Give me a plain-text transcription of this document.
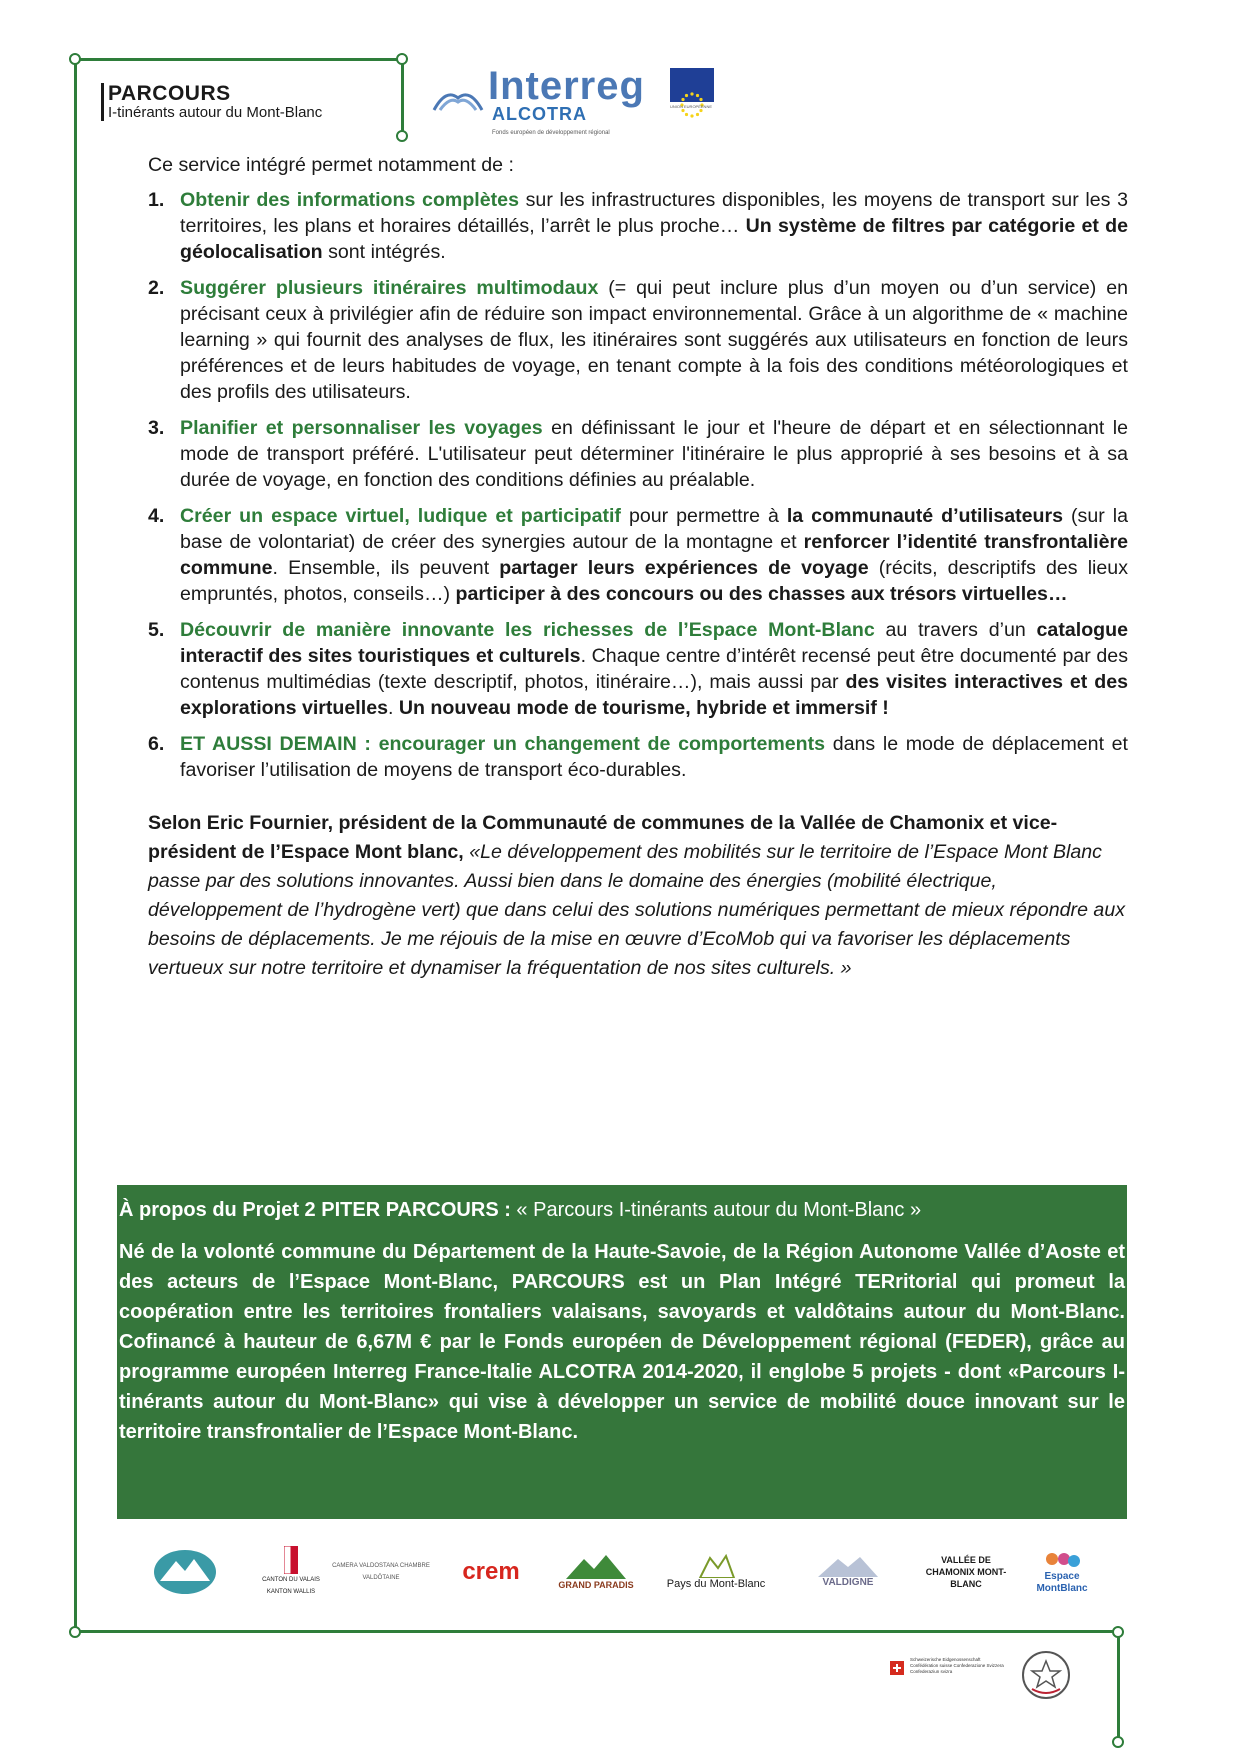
PARCOURS
I-tinérants autour du Mont-Blanc
Interreg
ALCOTRA
Fonds européen de développement régional
UNION EUROPÉENNE
Ce service intégré permet notamment de :
1. Obtenir des informations complètes sur les infrastructures disponibles, les moyens de transport sur les 3 territoires, les plans et horaires détaillés, l’arrêt le plus proche… Un système de filtres par catégorie et de géolocalisation sont intégrés.
2. Suggérer plusieurs itinéraires multimodaux (= qui peut inclure plus d’un moyen ou d’un service) en précisant ceux à privilégier afin de réduire son impact environnemental. Grâce à un algorithme de « machine learning » qui fournit des analyses de flux, les itinéraires sont suggérés aux utilisateurs en fonction de leurs préférences et de leurs habitudes de voyage, en tenant compte à la fois des conditions météorologiques et des profils des utilisateurs.
3. Planifier et personnaliser les voyages en définissant le jour et l'heure de départ et en sélectionnant le mode de transport préféré. L'utilisateur peut déterminer l'itinéraire le plus approprié à ses besoins et à sa durée de voyage, en fonction des conditions définies au préalable.
4. Créer un espace virtuel, ludique et participatif pour permettre à la communauté d’utilisateurs (sur la base de volontariat) de créer des synergies autour de la montagne et renforcer l’identité transfrontalière commune. Ensemble, ils peuvent partager leurs expériences de voyage (récits, descriptifs des lieux empruntés, photos, conseils…) participer à des concours ou des chasses aux trésors virtuelles…
5. Découvrir de manière innovante les richesses de l’Espace Mont-Blanc au travers d’un catalogue interactif des sites touristiques et culturels. Chaque centre d’intérêt recensé peut être documenté par des contenus multimédias (texte descriptif, photos, itinéraire…), mais aussi par des visites interactives et des explorations virtuelles. Un nouveau mode de tourisme, hybride et immersif !
6. ET AUSSI DEMAIN : encourager un changement de comportements dans le mode de déplacement et favoriser l’utilisation de moyens de transport éco-durables.
Selon Eric Fournier, président de la Communauté de communes de la Vallée de Chamonix et vice-président de l’Espace Mont blanc, «Le développement des mobilités sur le territoire de l’Espace Mont Blanc passe par des solutions innovantes. Aussi bien dans le domaine des énergies (mobilité électrique, développement de l’hydrogène vert) que dans celui des solutions numériques permettant de mieux répondre aux besoins de déplacements. Je me réjouis de la mise en œuvre d’EcoMob qui va favoriser les déplacements vertueux sur notre territoire et dynamiser la fréquentation de nos sites culturels. »
À propos du Projet 2 PITER PARCOURS : « Parcours I-tinérants autour du Mont-Blanc »
Né de la volonté commune du Département de la Haute-Savoie, de la Région Autonome Vallée d’Aoste et des acteurs de l’Espace Mont-Blanc, PARCOURS est un Plan Intégré TERritorial qui promeut la coopération entre les territoires frontaliers valaisans, savoyards et valdôtains autour du Mont-Blanc. Cofinancé à hauteur de 6,67M € par le Fonds européen de Développement régional (FEDER), grâce au programme européen Interreg France-Italie ALCOTRA 2014-2020, il englobe 5 projets - dont «Parcours I-tinérants autour du Mont-Blanc» qui vise à développer un service de mobilité douce innovant sur le territoire transfrontalier de l’Espace Mont-Blanc.
CANTON DU VALAIS KANTON WALLIS
CAMERA VALDOSTANA CHAMBRE VALDÔTAINE	crem	GRAND PARADIS	Pays du Mont-Blanc	VALDIGNE
VALLÉE DE CHAMONIX MONT-BLANC
Espace MontBlanc
Schweizerische Eidgenossenschaft Confédération suisse Confederazione Svizzera Confederaziun svizra
